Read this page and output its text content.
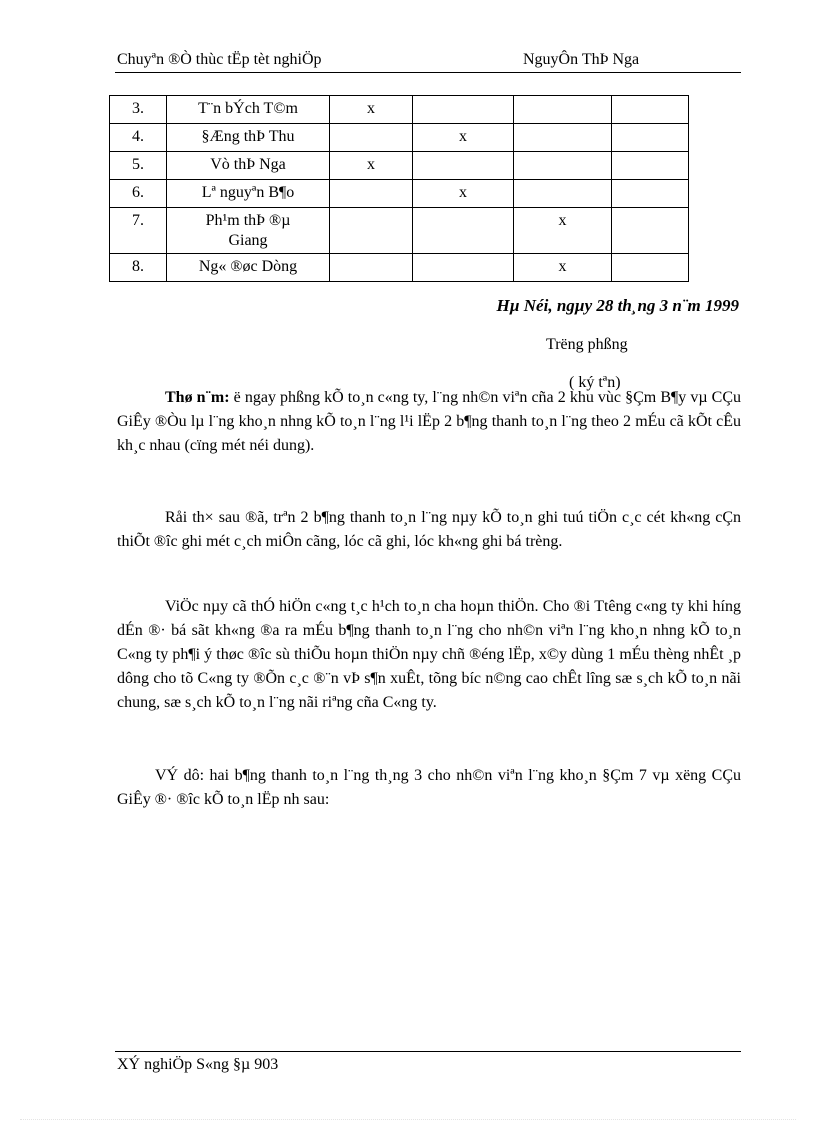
Chuyªn ®Ò thùc tËp tèt nghiÖp	NguyÔn ThÞ Nga
3.	T¨n bÝch T©m	x			

4.	§Æng thÞ Thu		x		

5.	Vò thÞ Nga	x			

6.	Lª nguyªn B¶o		x		

7.	Ph¹m thÞ ®µ Giang			x	

8.	Ng« ®øc Dòng			x	

Hµ Néi, ngµy 28 th¸ng 3 n¨m 1999
Trëng phßng
( ký tªn)

Thø n¨m: ë ngay phßng kÕ to¸n c«ng ty, l¨ng nh©n viªn cña 2 khu vùc §Çm B¶y vµ CÇu GiÊy ®Òu lµ l¨ng kho¸n nhng kÕ to¸n l¨ng l¹i lËp 2 b¶ng thanh to¸n l¨ng theo 2 mÉu cã kÕt cÊu kh¸c nhau (cïng mét néi dung).

Råi th× sau ®ã, trªn 2 b¶ng thanh to¸n l¨ng nµy kÕ to¸n ghi tuú tiÖn c¸c cét kh«ng cÇn thiÕt ®îc ghi mét c¸ch miÔn cãng, lóc cã ghi, lóc kh«ng ghi bá trèng.

ViÖc nµy cã thÓ hiÖn c«ng t¸c h¹ch to¸n cha hoµn thiÖn. Cho ®i Ttêng c«ng ty khi híng dÉn ®· bá sãt kh«ng ®a ra mÉu b¶ng thanh to¸n l¨ng cho nh©n viªn l¨ng kho¸n nhng kÕ to¸n C«ng ty ph¶i ý thøc ®îc sù thiÕu hoµn thiÖn nµy chñ ®éng lËp, x©y dùng 1 mÉu thèng nhÊt ¸p dông cho tõ C«ng ty ®Õn c¸c ®¨n vÞ s¶n xuÊt, tõng bíc n©ng cao chÊt lîng sæ s¸ch kÕ to¸n nãi chung, sæ s¸ch kÕ to¸n l¨ng nãi riªng cña C«ng ty.

VÝ dô: hai b¶ng thanh to¸n l¨ng th¸ng 3 cho nh©n viªn l¨ng kho¸n §Çm 7 vµ xëng CÇu GiÊy ®· ®îc kÕ to¸n lËp nh sau:

XÝ nghiÖp S«ng §µ 903
